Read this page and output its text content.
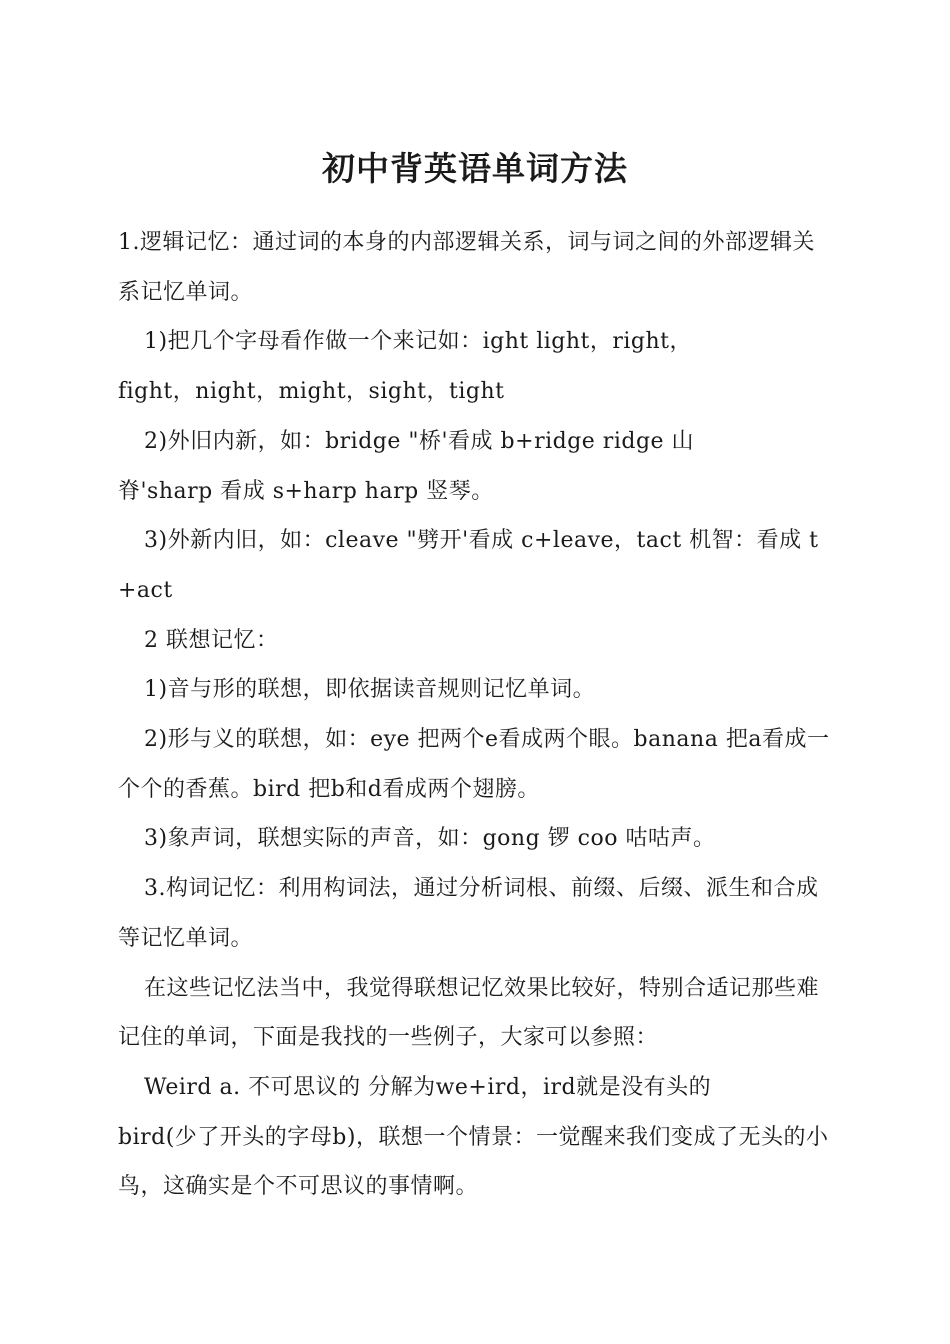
初中背英语单词方法

1.逻辑记忆：通过词的本身的内部逻辑关系，词与词之间的外部逻辑关系记忆单词。

1)把几个字母看作做一个来记如：ight light，right，

fight，night，might，sight，tight

2)外旧内新，如：bridge "桥'看成 b+ridge ridge 山

脊'sharp 看成 s+harp harp 竖琴。

3)外新内旧，如：cleave "劈开'看成 c+leave，tact 机智：看成 t+act

2 联想记忆：

1)音与形的联想，即依据读音规则记忆单词。

2)形与义的联想，如：eye 把两个e看成两个眼。banana 把a看成一个个的香蕉。bird 把b和d看成两个翅膀。

3)象声词，联想实际的声音，如：gong 锣 coo 咕咕声。

3.构词记忆：利用构词法，通过分析词根、前缀、后缀、派生和合成等记忆单词。

在这些记忆法当中，我觉得联想记忆效果比较好，特别合适记那些难记住的单词，下面是我找的一些例子，大家可以参照：

Weird a. 不可思议的 分解为we+ird，ird就是没有头的

bird(少了开头的字母b)，联想一个情景：一觉醒来我们变成了无头的小鸟，这确实是个不可思议的事情啊。
